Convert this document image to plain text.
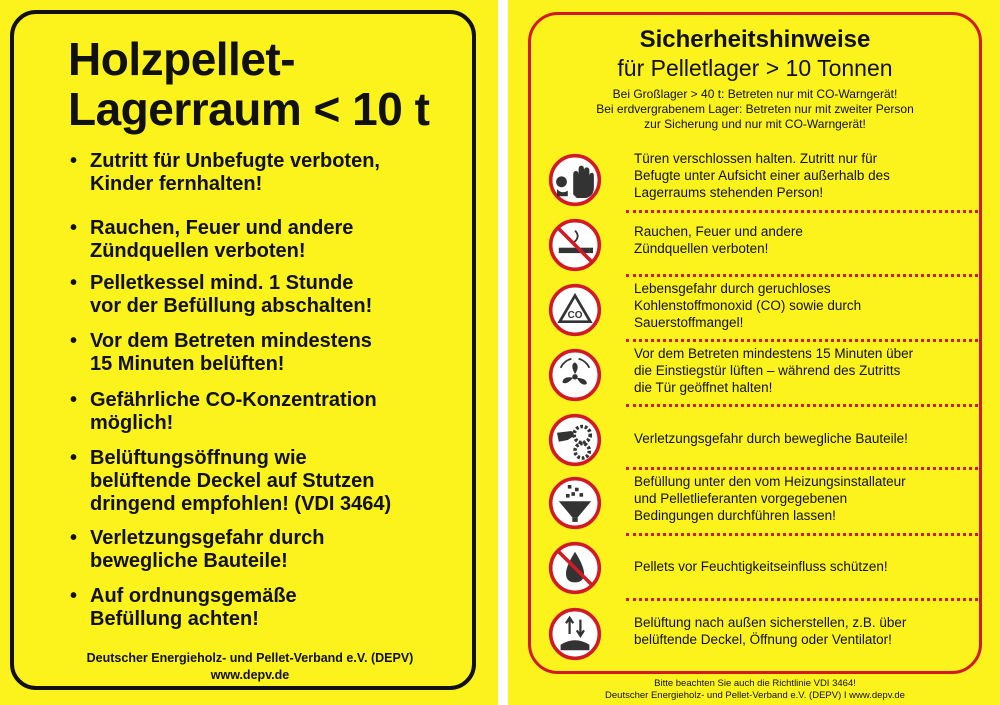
Holzpellet-
Lagerraum < 10 t
• Zutritt für Unbefugte verboten,
Kinder fernhalten!
• Rauchen, Feuer und andere
Zündquellen verboten!
• Pelletkessel mind. 1 Stunde
vor der Befüllung abschalten!
• Vor dem Betreten mindestens
15 Minuten belüften!
• Gefährliche CO-Konzentration
möglich!
• Belüftungsöffnung wie
belüftende Deckel auf Stutzen
dringend empfohlen! (VDI 3464)
• Verletzungsgefahr durch
bewegliche Bauteile!
• Auf ordnungsgemäße
Befüllung achten!
Deutscher Energieholz- und Pellet-Verband e.V. (DEPV)
www.depv.de
Sicherheitshinweise
für Pelletlager > 10 Tonnen
Bei Großlager > 40 t: Betreten nur mit CO-Warngerät!
Bei erdvergrabenem Lager: Betreten nur mit zweiter Person
zur Sicherung und nur mit CO-Warngerät!
Türen verschlossen halten. Zutritt nur für
Befugte unter Aufsicht einer außerhalb des
Lagerraums stehenden Person!
Rauchen, Feuer und andere
Zündquellen verboten!
CO
Lebensgefahr durch geruchloses
Kohlenstoffmonoxid (CO) sowie durch
Sauerstoffmangel!
Vor dem Betreten mindestens 15 Minuten über
die Einstiegstür lüften – während des Zutritts
die Tür geöffnet halten!
Verletzungsgefahr durch bewegliche Bauteile!
Befüllung unter den vom Heizungsinstallateur
und Pelletlieferanten vorgegebenen
Bedingungen durchführen lassen!
Pellets vor Feuchtigkeitseinfluss schützen!
Belüftung nach außen sicherstellen, z.B. über
belüftende Deckel, Öffnung oder Ventilator!
Bitte beachten Sie auch die Richtlinie VDI 3464!
Deutscher Energieholz- und Pellet-Verband e.V. (DEPV) I www.depv.de
